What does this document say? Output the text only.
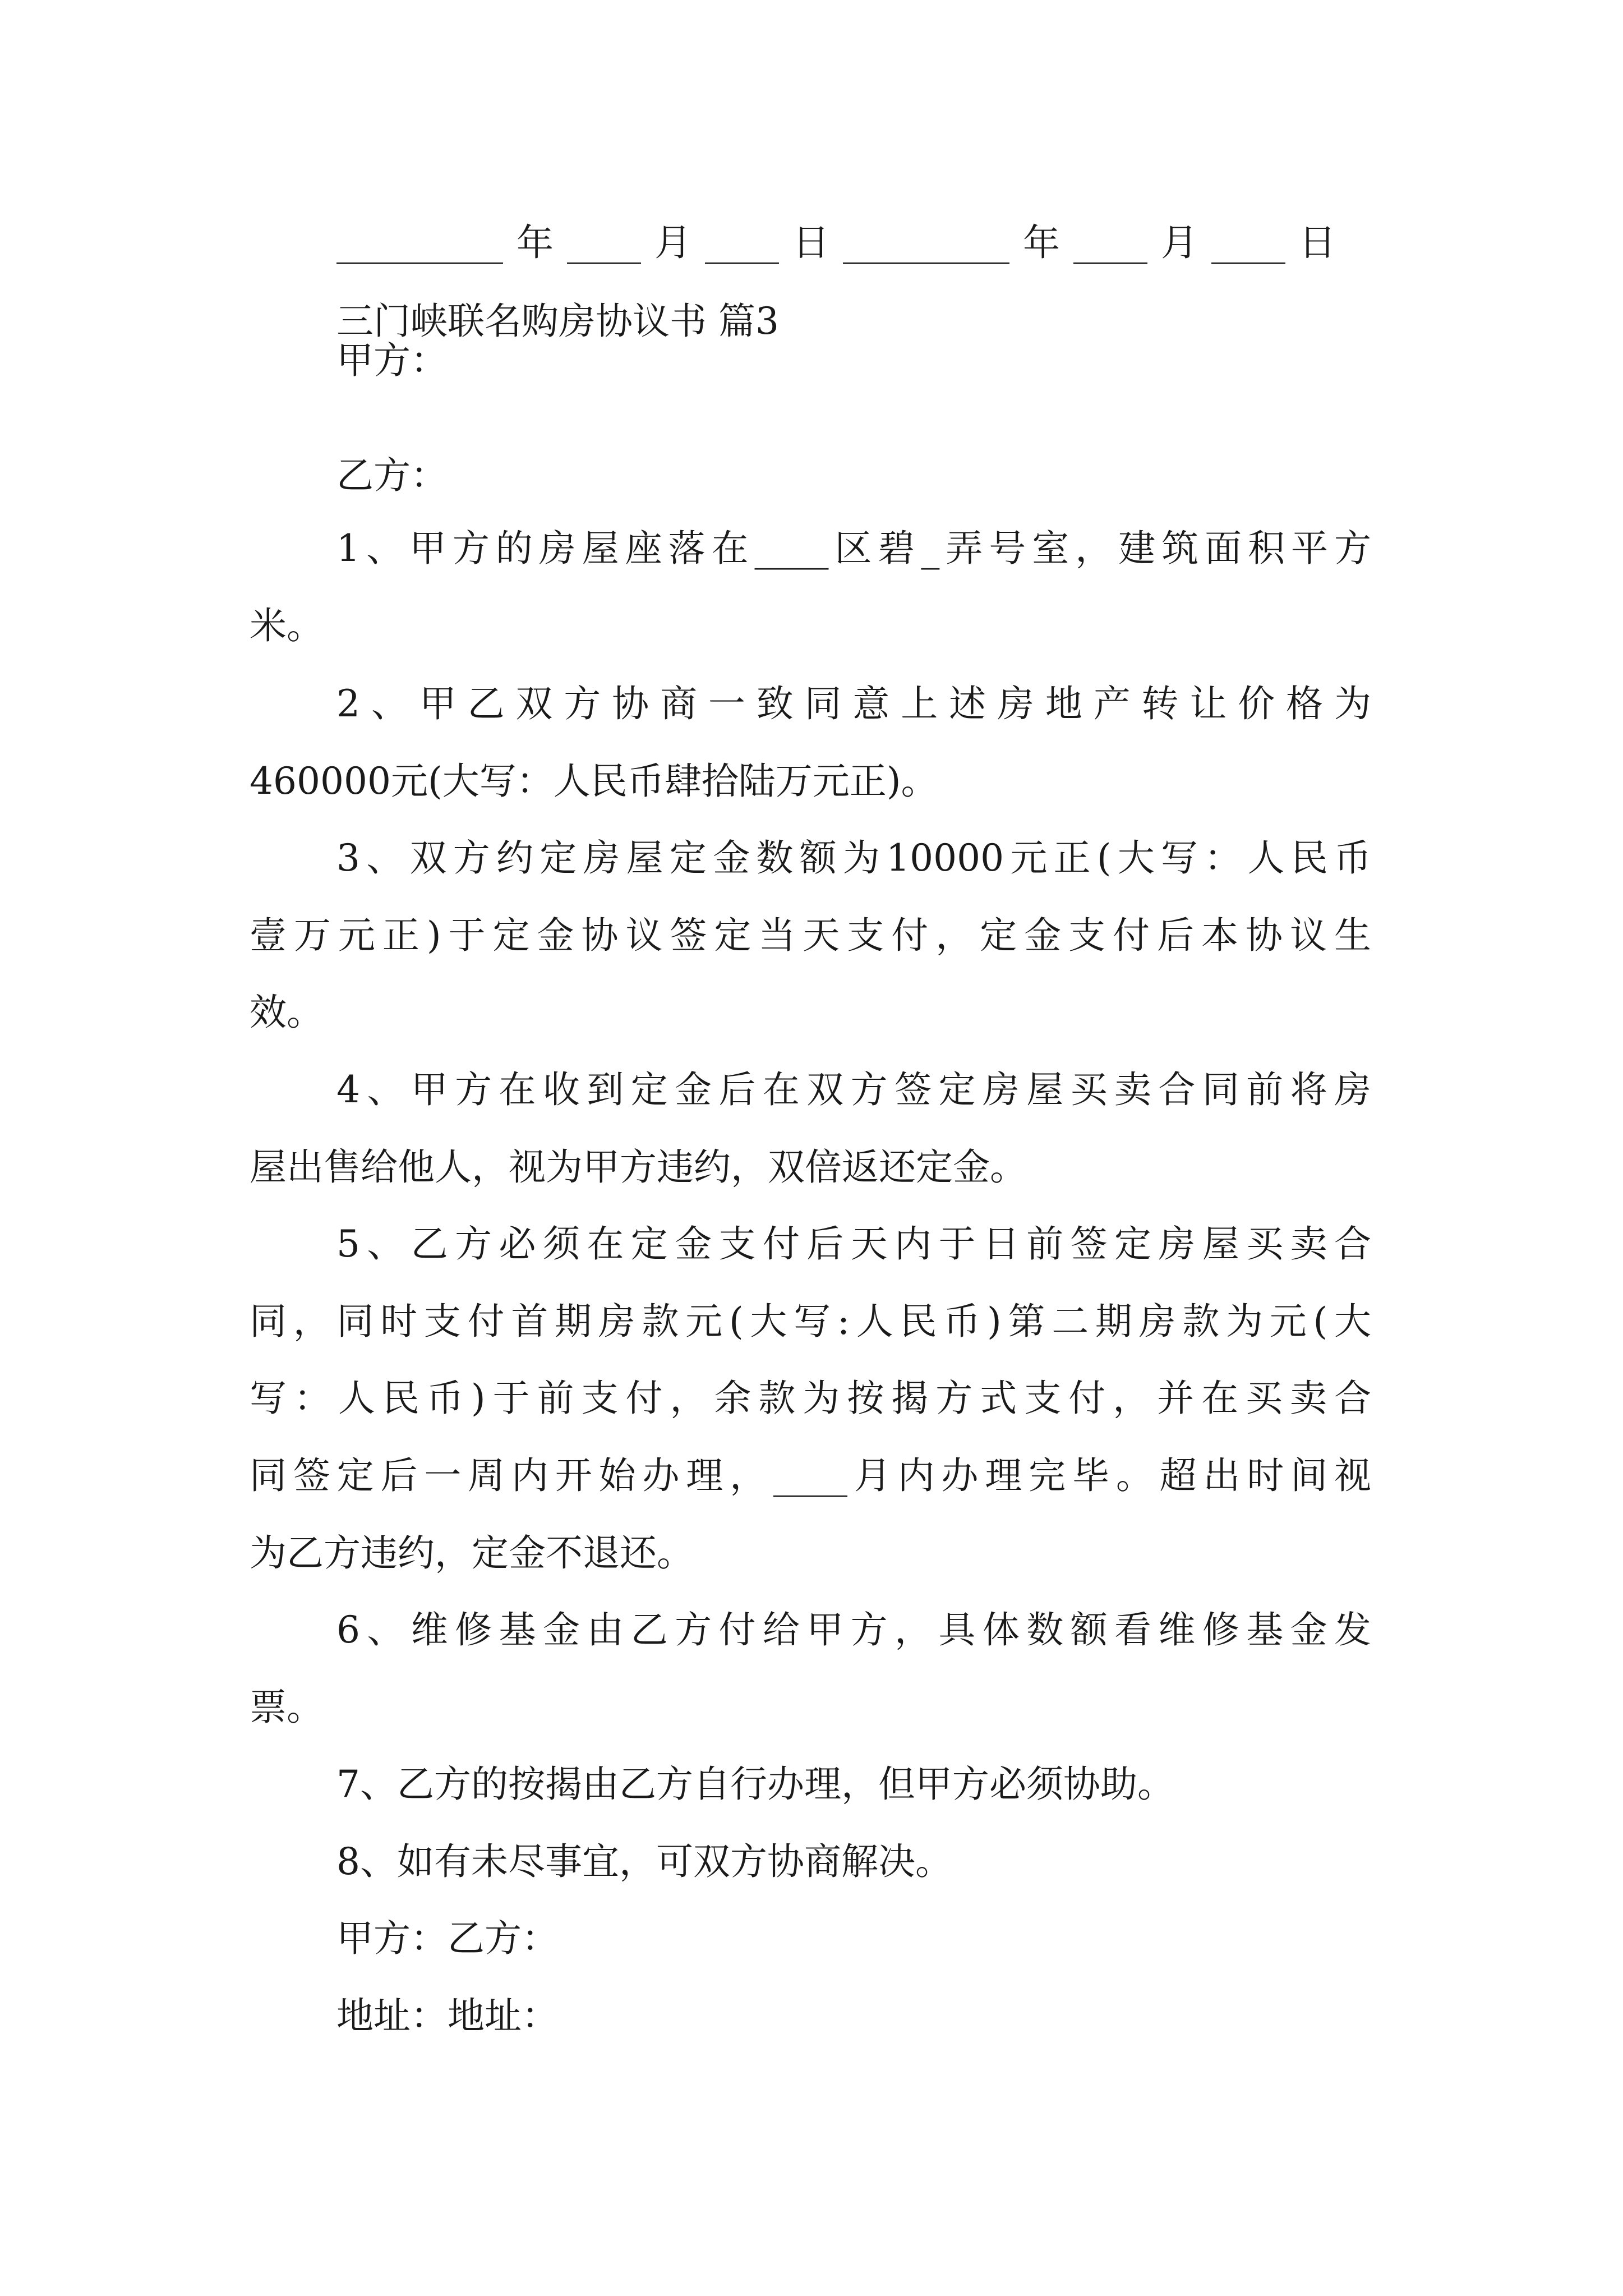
_________年____月____日_________年____月____日
三门峡联名购房协议书 篇3
甲方：
乙方：
1、甲方的房屋座落在____区碧_弄号室，建筑面积平方
米。
2、甲乙双方协商一致同意上述房地产转让价格为
460000元(大写：人民币肆拾陆万元正)。
3、双方约定房屋定金数额为10000元正(大写：人民币
壹万元正)于定金协议签定当天支付，定金支付后本协议生
效。
4、甲方在收到定金后在双方签定房屋买卖合同前将房
屋出售给他人，视为甲方违约，双倍返还定金。
5、乙方必须在定金支付后天内于日前签定房屋买卖合
同，同时支付首期房款元(大写:人民币)第二期房款为元(大
写：人民币)于前支付，余款为按揭方式支付，并在买卖合
同签定后一周内开始办理，____月内办理完毕。超出时间视
为乙方违约，定金不退还。
6、维修基金由乙方付给甲方，具体数额看维修基金发
票。
7、乙方的按揭由乙方自行办理，但甲方必须协助。
8、如有未尽事宜，可双方协商解决。
甲方：乙方：
地址：地址：
